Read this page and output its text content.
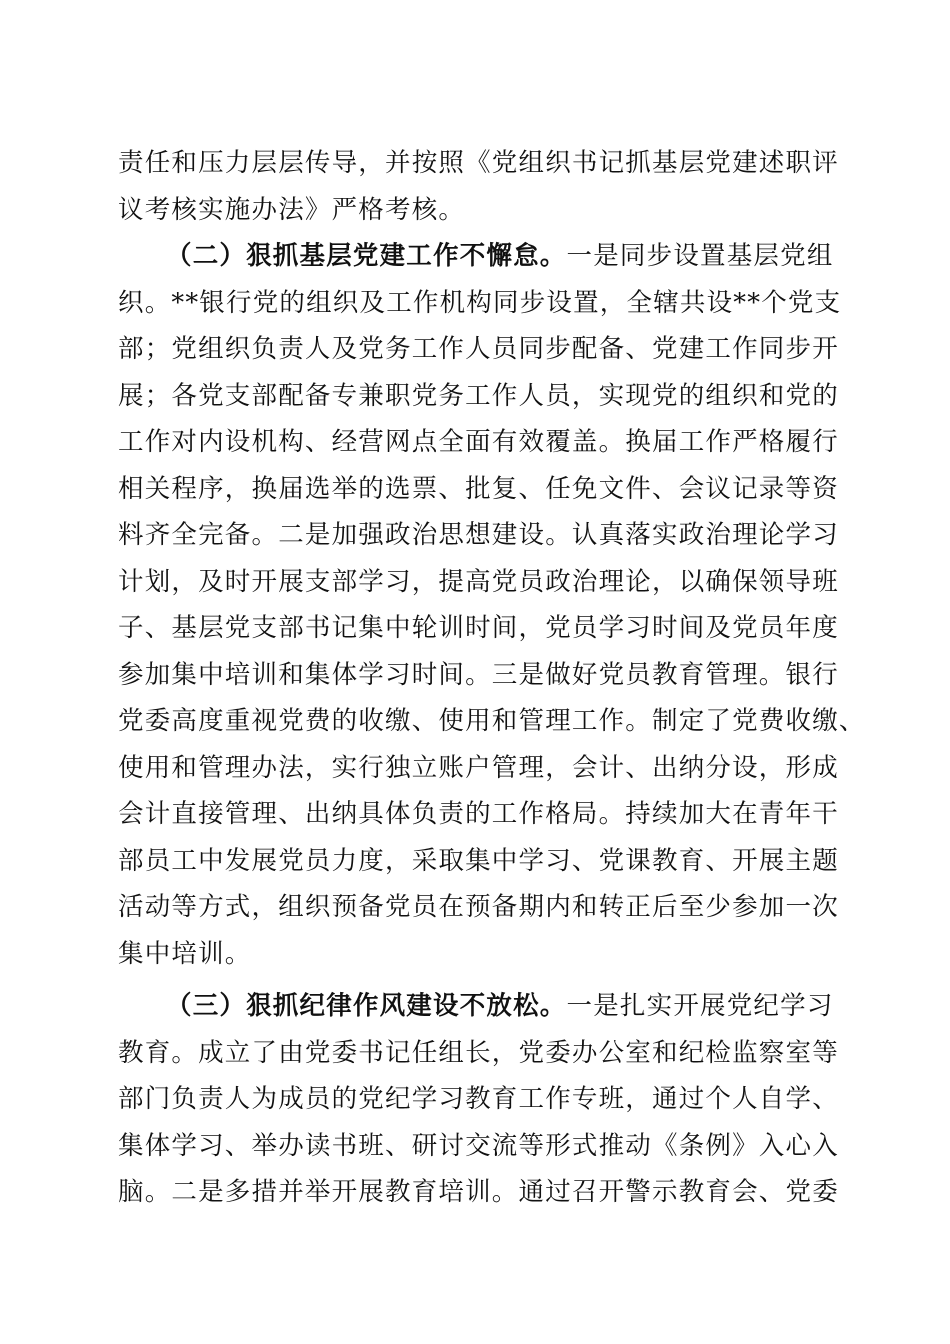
责任和压力层层传导，并按照《党组织书记抓基层党建述职评
议考核实施办法》严格考核。
（二）狠抓基层党建工作不懈怠。一是同步设置基层党组
织。**银行党的组织及工作机构同步设置，全辖共设**个党支
部；党组织负责人及党务工作人员同步配备、党建工作同步开
展；各党支部配备专兼职党务工作人员，实现党的组织和党的
工作对内设机构、经营网点全面有效覆盖。换届工作严格履行
相关程序，换届选举的选票、批复、任免文件、会议记录等资
料齐全完备。二是加强政治思想建设。认真落实政治理论学习
计划，及时开展支部学习，提高党员政治理论，以确保领导班
子、基层党支部书记集中轮训时间，党员学习时间及党员年度
参加集中培训和集体学习时间。三是做好党员教育管理。银行
党委高度重视党费的收缴、使用和管理工作。制定了党费收缴、
使用和管理办法，实行独立账户管理，会计、出纳分设，形成
会计直接管理、出纳具体负责的工作格局。持续加大在青年干
部员工中发展党员力度，采取集中学习、党课教育、开展主题
活动等方式，组织预备党员在预备期内和转正后至少参加一次
集中培训。
（三）狠抓纪律作风建设不放松。一是扎实开展党纪学习
教育。成立了由党委书记任组长，党委办公室和纪检监察室等
部门负责人为成员的党纪学习教育工作专班，通过个人自学、
集体学习、举办读书班、研讨交流等形式推动《条例》入心入
脑。二是多措并举开展教育培训。通过召开警示教育会、党委
